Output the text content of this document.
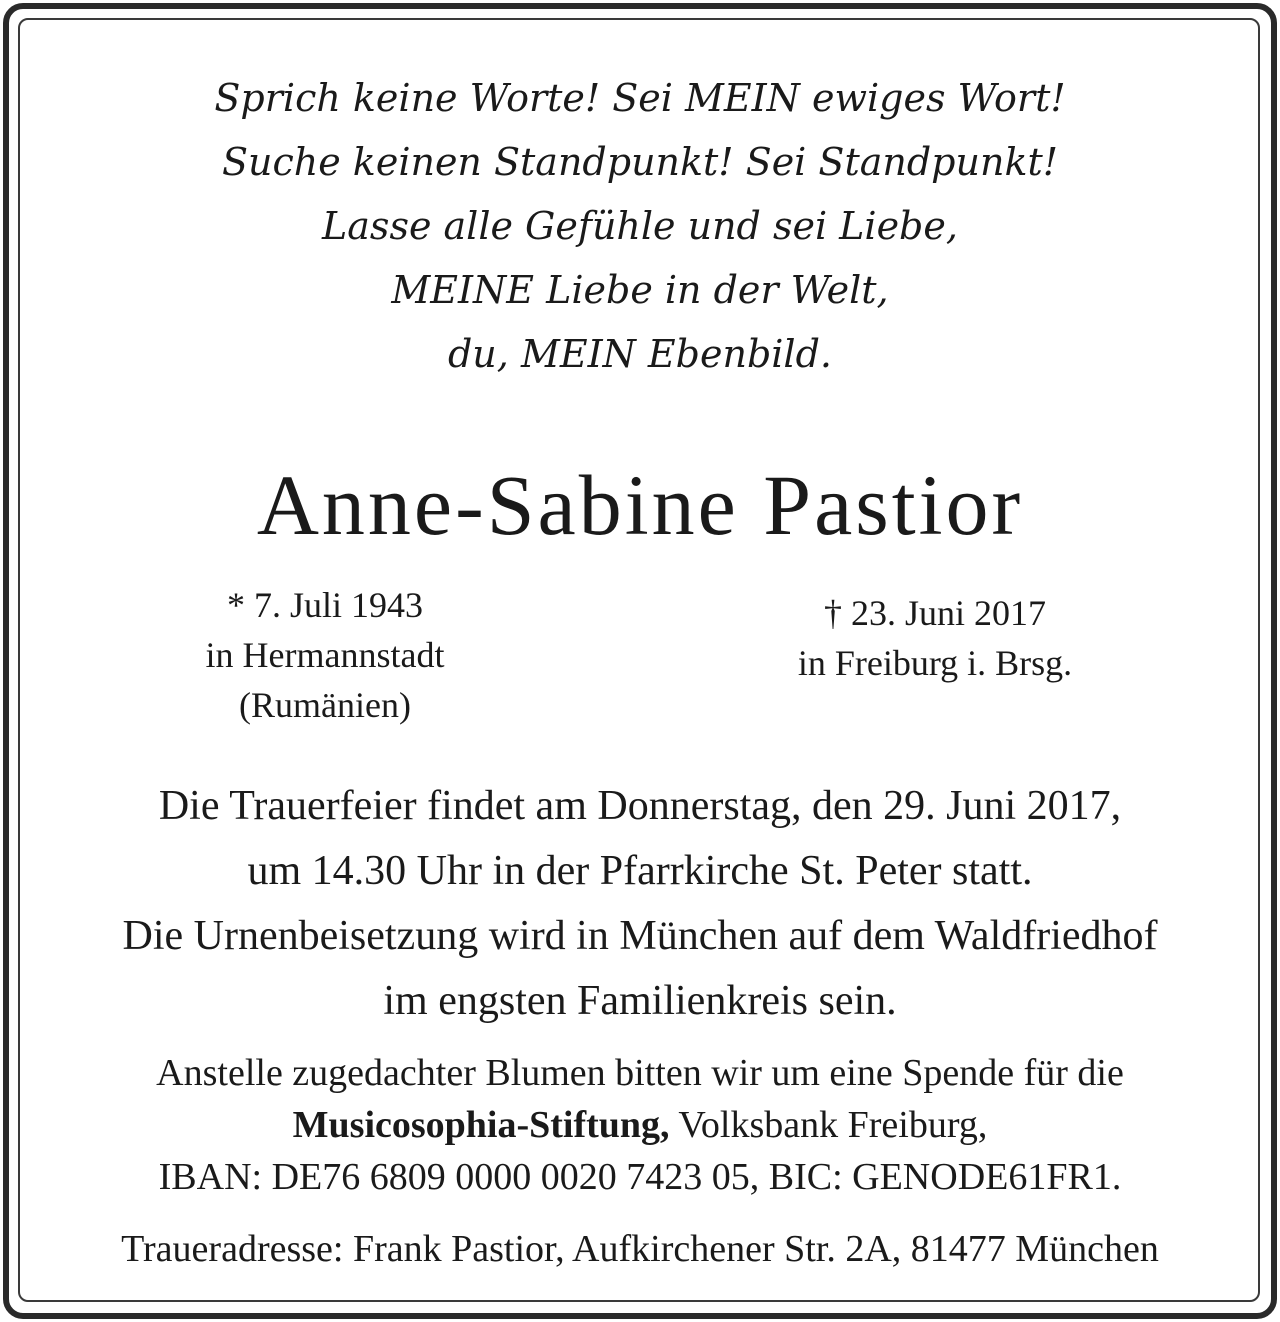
Sprich keine Worte! Sei MEIN ewiges Wort!
Suche keinen Standpunkt! Sei Standpunkt!
Lasse alle Gefühle und sei Liebe,
MEINE Liebe in der Welt,
du, MEIN Ebenbild.
Anne-Sabine Pastior
* 7. Juli 1943
in Hermannstadt
(Rumänien)
† 23. Juni 2017
in Freiburg i. Brsg.
Die Trauerfeier findet am Donnerstag, den 29. Juni 2017,
um 14.30 Uhr in der Pfarrkirche St. Peter statt.
Die Urnenbeisetzung wird in München auf dem Waldfriedhof
im engsten Familienkreis sein.
Anstelle zugedachter Blumen bitten wir um eine Spende für die
Musicosophia-Stiftung, Volksbank Freiburg,
IBAN: DE76 6809 0000 0020 7423 05, BIC: GENODE61FR1.
Traueradresse: Frank Pastior, Aufkirchener Str. 2A, 81477 München
